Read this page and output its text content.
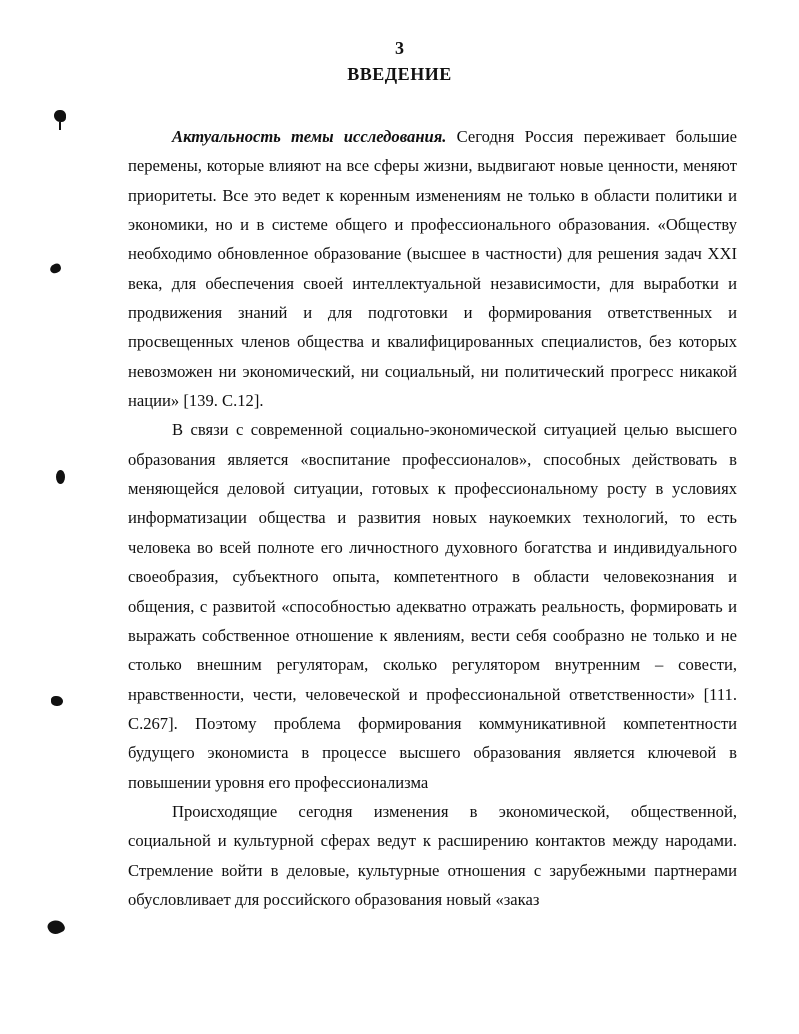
3
ВВЕДЕНИЕ

Актуальность темы исследования. Сегодня Россия переживает большие перемены, которые влияют на все сферы жизни, выдвигают новые ценности, меняют приоритеты. Все это ведет к коренным изменениям не только в области политики и экономики, но и в системе общего и профессионального образования. «Обществу необходимо обновленное образование (высшее в частности) для решения задач XXI века, для обеспечения своей интеллектуальной независимости, для выработки и продвижения знаний и для подготовки и формирования ответственных и просвещенных членов общества и квалифицированных специалистов, без которых невозможен ни экономический, ни социальный, ни политический прогресс никакой нации» [139. С.12].

В связи с современной социально-экономической ситуацией целью высшего образования является «воспитание профессионалов», способных действовать в меняющейся деловой ситуации, готовых к профессиональному росту в условиях информатизации общества и развития новых наукоемких технологий, то есть человека во всей полноте его личностного духовного богатства и индивидуального своеобразия, субъектного опыта, компетентного в области человекознания и общения, с развитой «способностью адекватно отражать реальность, формировать и выражать собственное отношение к явлениям, вести себя сообразно не только и не столько внешним регуляторам, сколько регулятором внутренним – совести, нравственности, чести, человеческой и профессиональной ответственности» [111. С.267]. Поэтому проблема формирования коммуникативной компетентности будущего экономиста в процессе высшего образования является ключевой в повышении уровня его профессионализма

Происходящие сегодня изменения в экономической, общественной, социальной и культурной сферах ведут к расширению контактов между народами. Стремление войти в деловые, культурные отношения с зарубежными партнерами обусловливает для российского образования новый «заказ
